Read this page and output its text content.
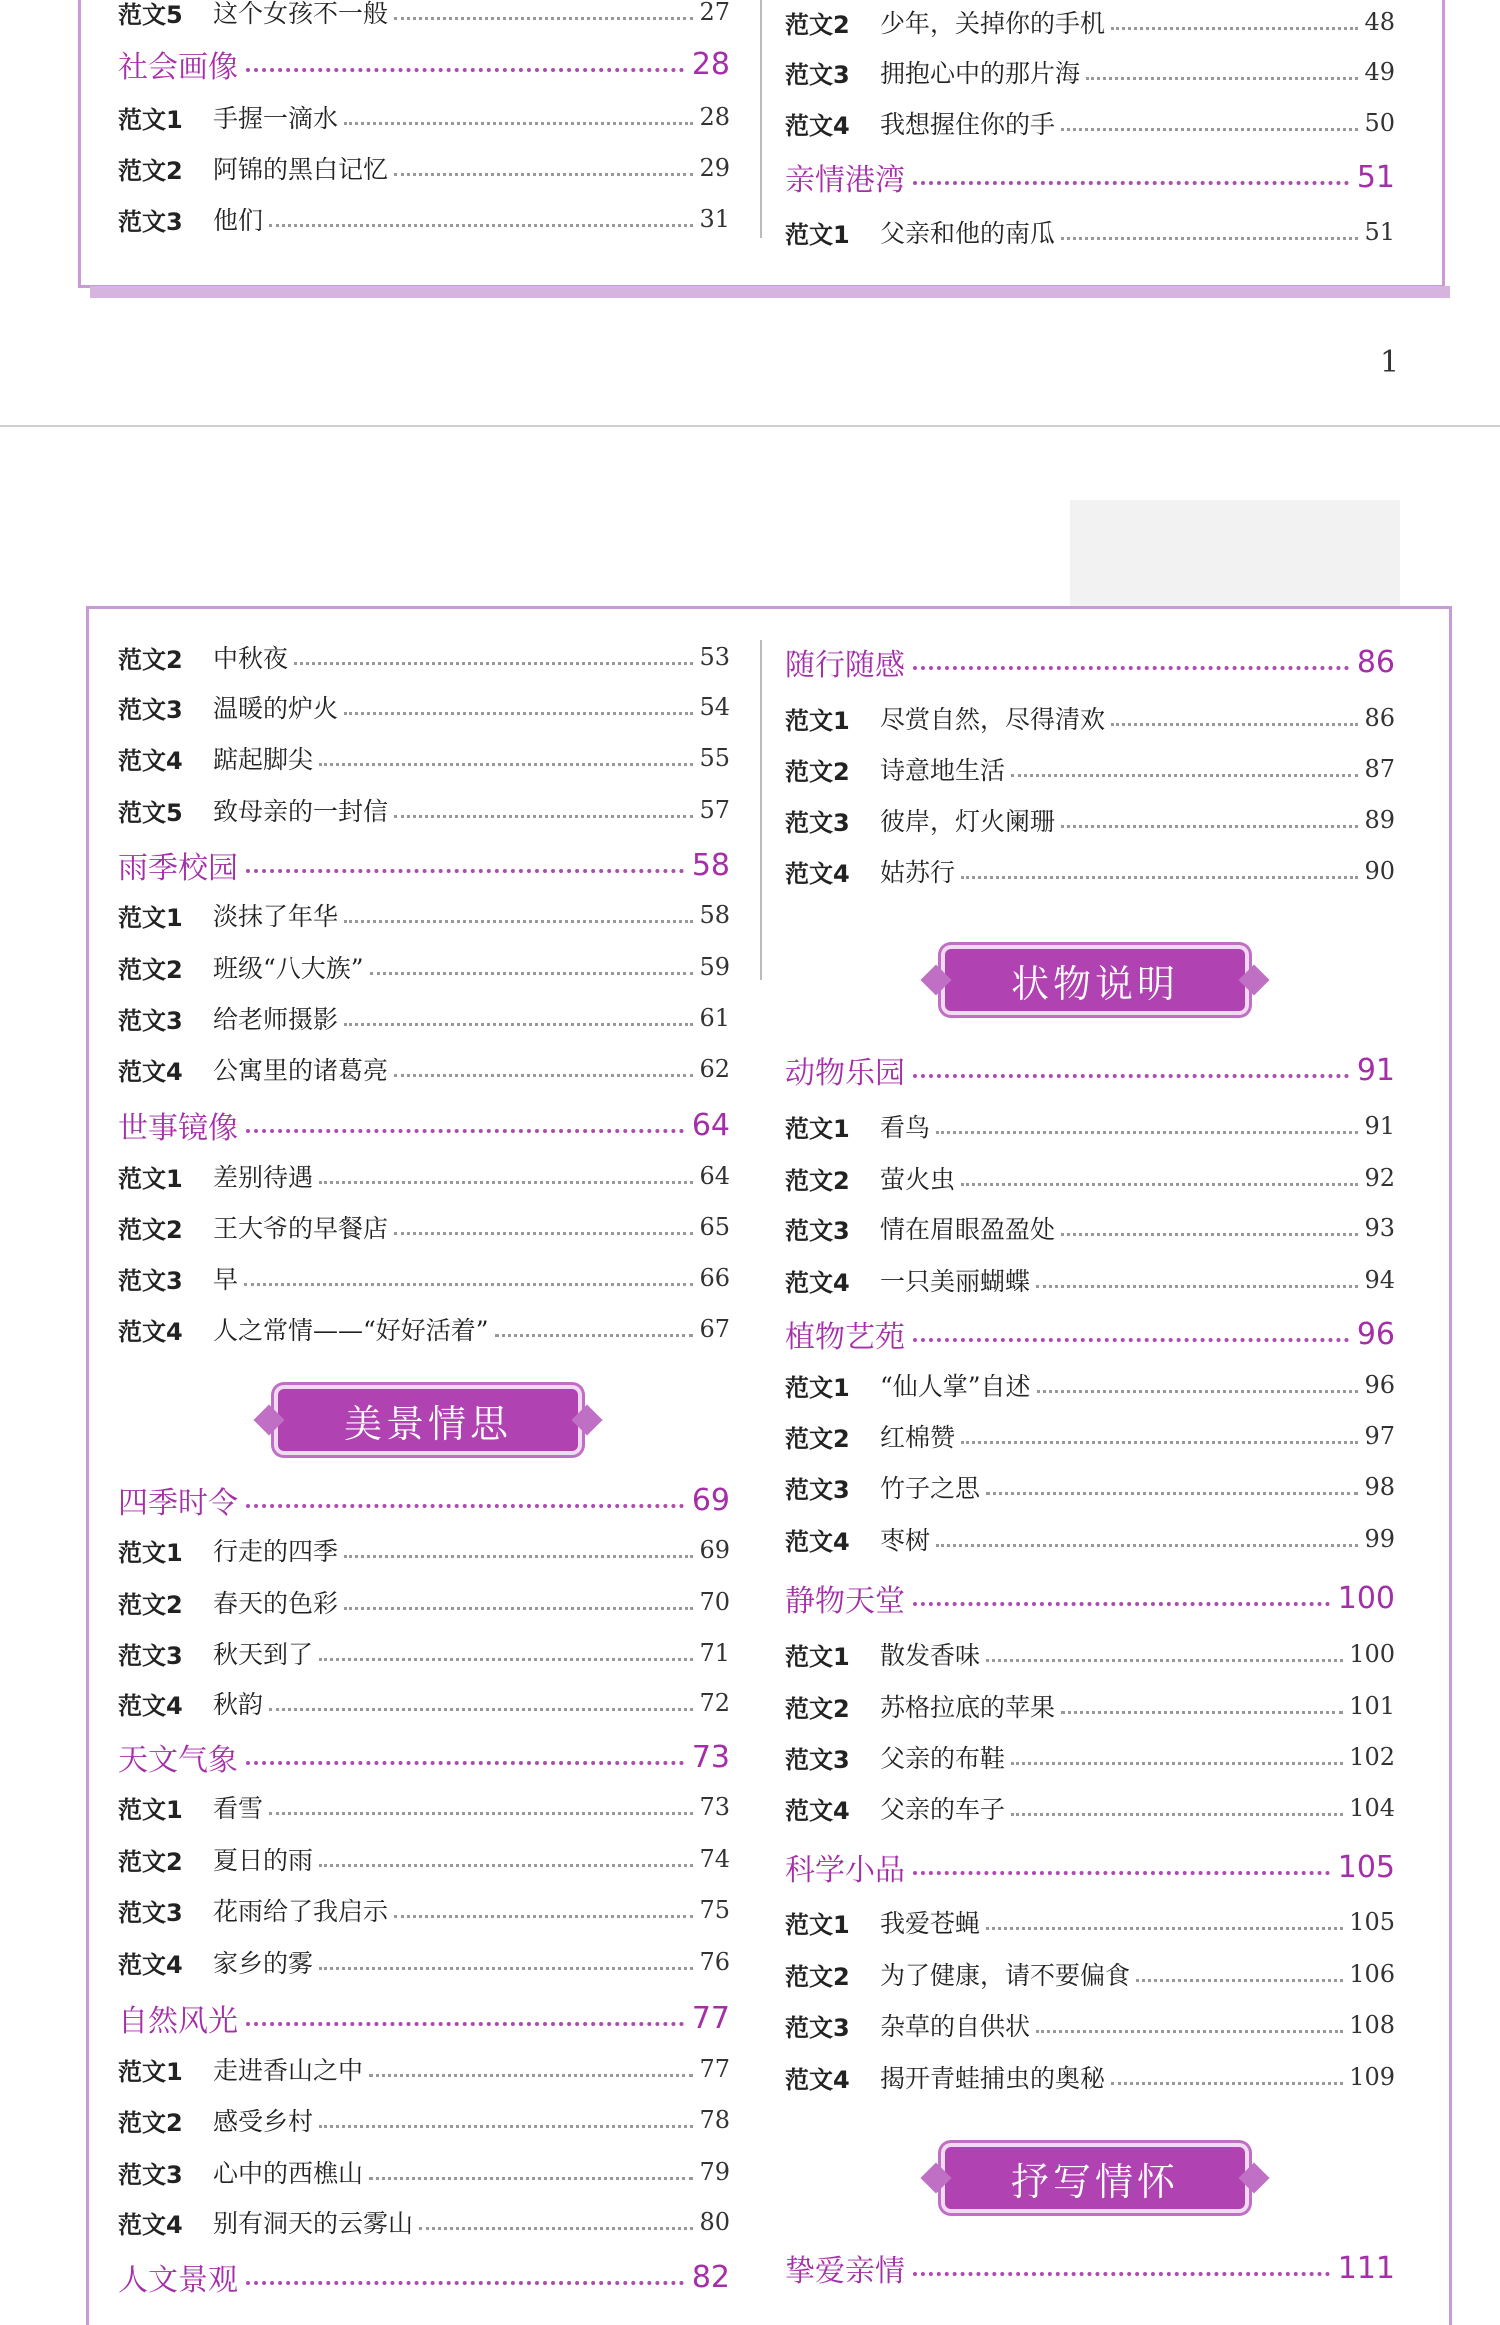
1
范文5	这个女孩不一般	27
社会画像	28
范文1	手握一滴水	28
范文2	阿锦的黑白记忆	29
范文3	他们	31
范文2	少年，关掉你的手机	48
范文3	拥抱心中的那片海	49
范文4	我想握住你的手	50
亲情港湾	51
范文1	父亲和他的南瓜	51
范文2	中秋夜	53
范文3	温暖的炉火	54
范文4	踮起脚尖	55
范文5	致母亲的一封信	57
雨季校园	58
范文1	淡抹了年华	58
范文2	班级“八大族”	59
范文3	给老师摄影	61
范文4	公寓里的诸葛亮	62
世事镜像	64
范文1	差别待遇	64
范文2	王大爷的早餐店	65
范文3	早	66
范文4	人之常情——“好好活着”	67
美景情思
四季时令	69
范文1	行走的四季	69
范文2	春天的色彩	70
范文3	秋天到了	71
范文4	秋韵	72
天文气象	73
范文1	看雪	73
范文2	夏日的雨	74
范文3	花雨给了我启示	75
范文4	家乡的雾	76
自然风光	77
范文1	走进香山之中	77
范文2	感受乡村	78
范文3	心中的西樵山	79
范文4	别有洞天的云雾山	80
人文景观	82
随行随感	86
范文1	尽赏自然，尽得清欢	86
范文2	诗意地生活	87
范文3	彼岸，灯火阑珊	89
范文4	姑苏行	90
状物说明
动物乐园	91
范文1	看鸟	91
范文2	萤火虫	92
范文3	情在眉眼盈盈处	93
范文4	一只美丽蝴蝶	94
植物艺苑	96
范文1	“仙人掌”自述	96
范文2	红棉赞	97
范文3	竹子之思	98
范文4	枣树	99
静物天堂	100
范文1	散发香味	100
范文2	苏格拉底的苹果	101
范文3	父亲的布鞋	102
范文4	父亲的车子	104
科学小品	105
范文1	我爱苍蝇	105
范文2	为了健康，请不要偏食	106
范文3	杂草的自供状	108
范文4	揭开青蛙捕虫的奥秘	109
抒写情怀
挚爱亲情	111
